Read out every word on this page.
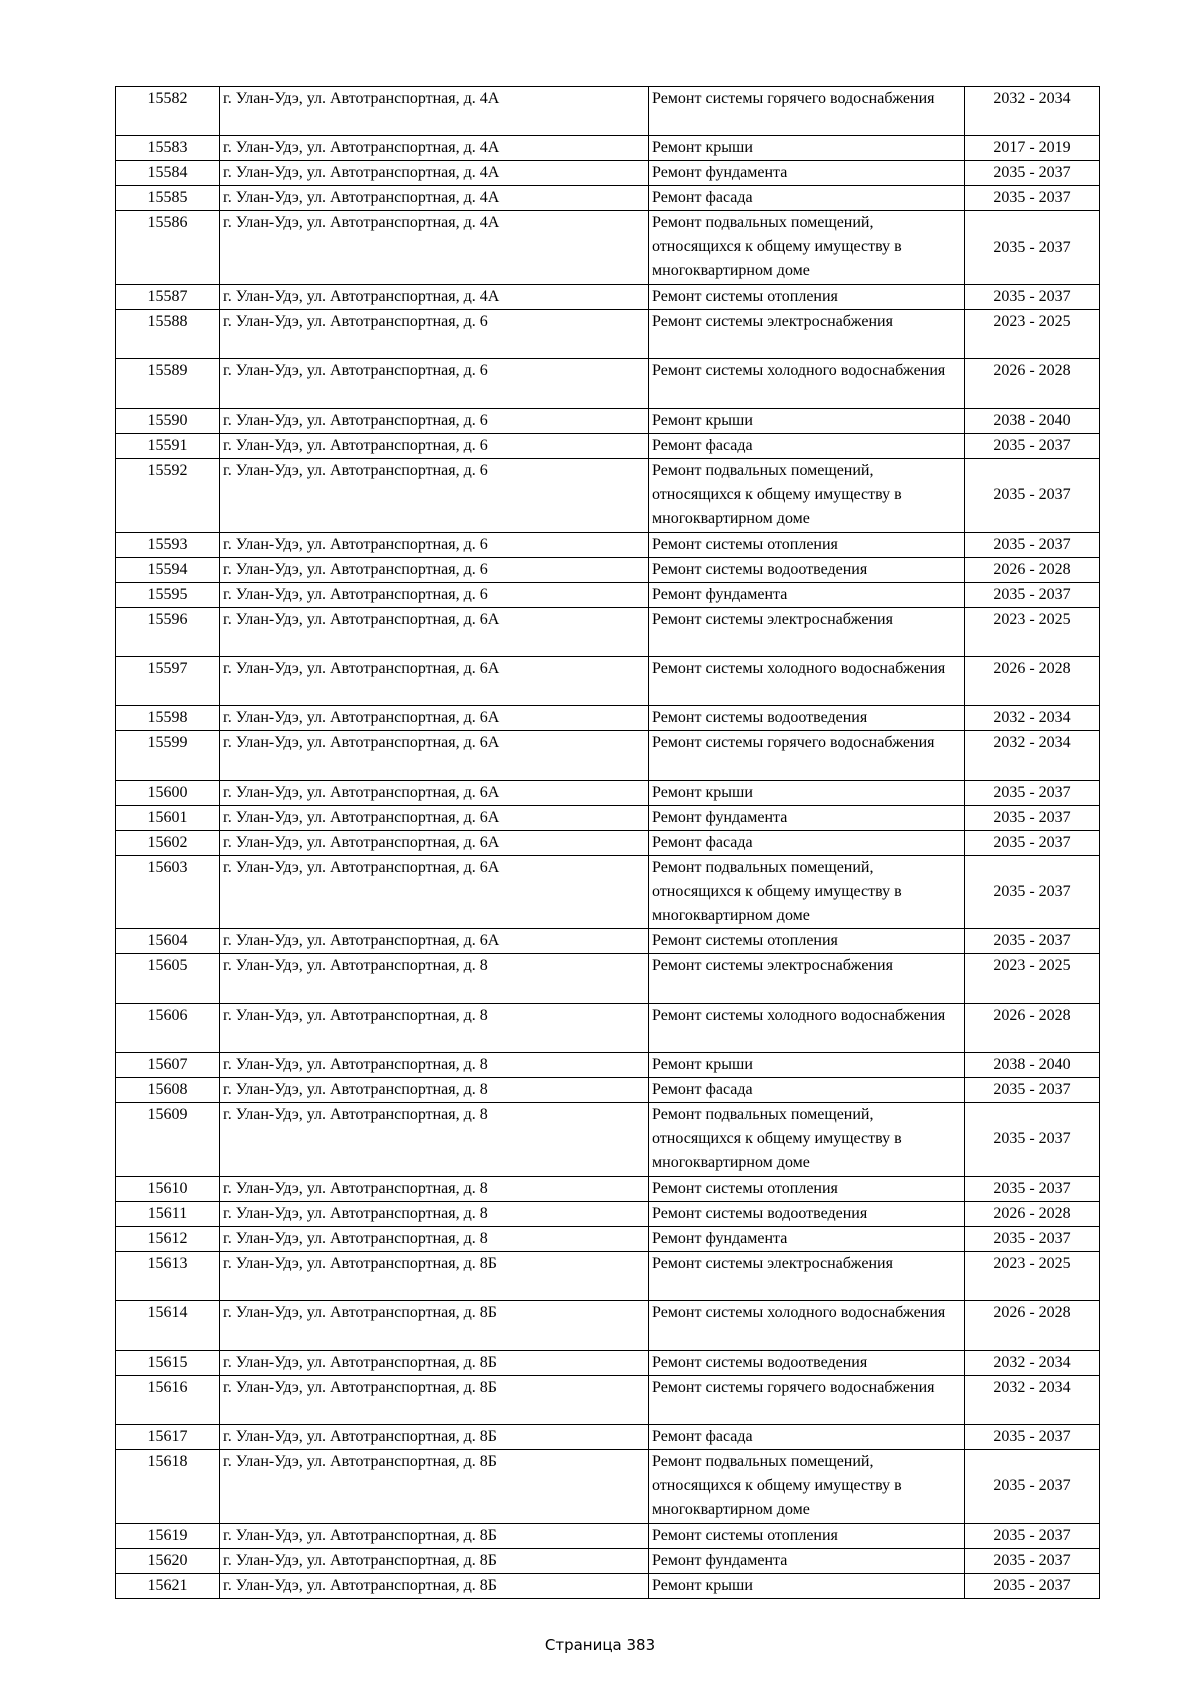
15582	г. Улан-Удэ, ул. Автотранспортная, д. 4А	Ремонт системы горячего водоснабжения	2032 - 2034
15583	г. Улан-Удэ, ул. Автотранспортная, д. 4А	Ремонт крыши	2017 - 2019
15584	г. Улан-Удэ, ул. Автотранспортная, д. 4А	Ремонт фундамента	2035 - 2037
15585	г. Улан-Удэ, ул. Автотранспортная, д. 4А	Ремонт фасада	2035 - 2037
15586	г. Улан-Удэ, ул. Автотранспортная, д. 4А	Ремонт подвальных помещений, относящихся к общему имуществу в многоквартирном доме	2035 - 2037
15587	г. Улан-Удэ, ул. Автотранспортная, д. 4А	Ремонт системы отопления	2035 - 2037
15588	г. Улан-Удэ, ул. Автотранспортная, д. 6	Ремонт системы электроснабжения	2023 - 2025
15589	г. Улан-Удэ, ул. Автотранспортная, д. 6	Ремонт системы холодного водоснабжения	2026 - 2028
15590	г. Улан-Удэ, ул. Автотранспортная, д. 6	Ремонт крыши	2038 - 2040
15591	г. Улан-Удэ, ул. Автотранспортная, д. 6	Ремонт фасада	2035 - 2037
15592	г. Улан-Удэ, ул. Автотранспортная, д. 6	Ремонт подвальных помещений, относящихся к общему имуществу в многоквартирном доме	2035 - 2037
15593	г. Улан-Удэ, ул. Автотранспортная, д. 6	Ремонт системы отопления	2035 - 2037
15594	г. Улан-Удэ, ул. Автотранспортная, д. 6	Ремонт системы водоотведения	2026 - 2028
15595	г. Улан-Удэ, ул. Автотранспортная, д. 6	Ремонт фундамента	2035 - 2037
15596	г. Улан-Удэ, ул. Автотранспортная, д. 6А	Ремонт системы электроснабжения	2023 - 2025
15597	г. Улан-Удэ, ул. Автотранспортная, д. 6А	Ремонт системы холодного водоснабжения	2026 - 2028
15598	г. Улан-Удэ, ул. Автотранспортная, д. 6А	Ремонт системы водоотведения	2032 - 2034
15599	г. Улан-Удэ, ул. Автотранспортная, д. 6А	Ремонт системы горячего водоснабжения	2032 - 2034
15600	г. Улан-Удэ, ул. Автотранспортная, д. 6А	Ремонт крыши	2035 - 2037
15601	г. Улан-Удэ, ул. Автотранспортная, д. 6А	Ремонт фундамента	2035 - 2037
15602	г. Улан-Удэ, ул. Автотранспортная, д. 6А	Ремонт фасада	2035 - 2037
15603	г. Улан-Удэ, ул. Автотранспортная, д. 6А	Ремонт подвальных помещений, относящихся к общему имуществу в многоквартирном доме	2035 - 2037
15604	г. Улан-Удэ, ул. Автотранспортная, д. 6А	Ремонт системы отопления	2035 - 2037
15605	г. Улан-Удэ, ул. Автотранспортная, д. 8	Ремонт системы электроснабжения	2023 - 2025
15606	г. Улан-Удэ, ул. Автотранспортная, д. 8	Ремонт системы холодного водоснабжения	2026 - 2028
15607	г. Улан-Удэ, ул. Автотранспортная, д. 8	Ремонт крыши	2038 - 2040
15608	г. Улан-Удэ, ул. Автотранспортная, д. 8	Ремонт фасада	2035 - 2037
15609	г. Улан-Удэ, ул. Автотранспортная, д. 8	Ремонт подвальных помещений, относящихся к общему имуществу в многоквартирном доме	2035 - 2037
15610	г. Улан-Удэ, ул. Автотранспортная, д. 8	Ремонт системы отопления	2035 - 2037
15611	г. Улан-Удэ, ул. Автотранспортная, д. 8	Ремонт системы водоотведения	2026 - 2028
15612	г. Улан-Удэ, ул. Автотранспортная, д. 8	Ремонт фундамента	2035 - 2037
15613	г. Улан-Удэ, ул. Автотранспортная, д. 8Б	Ремонт системы электроснабжения	2023 - 2025
15614	г. Улан-Удэ, ул. Автотранспортная, д. 8Б	Ремонт системы холодного водоснабжения	2026 - 2028
15615	г. Улан-Удэ, ул. Автотранспортная, д. 8Б	Ремонт системы водоотведения	2032 - 2034
15616	г. Улан-Удэ, ул. Автотранспортная, д. 8Б	Ремонт системы горячего водоснабжения	2032 - 2034
15617	г. Улан-Удэ, ул. Автотранспортная, д. 8Б	Ремонт фасада	2035 - 2037
15618	г. Улан-Удэ, ул. Автотранспортная, д. 8Б	Ремонт подвальных помещений, относящихся к общему имуществу в многоквартирном доме	2035 - 2037
15619	г. Улан-Удэ, ул. Автотранспортная, д. 8Б	Ремонт системы отопления	2035 - 2037
15620	г. Улан-Удэ, ул. Автотранспортная, д. 8Б	Ремонт фундамента	2035 - 2037
15621	г. Улан-Удэ, ул. Автотранспортная, д. 8Б	Ремонт крыши	2035 - 2037
Страница 383
